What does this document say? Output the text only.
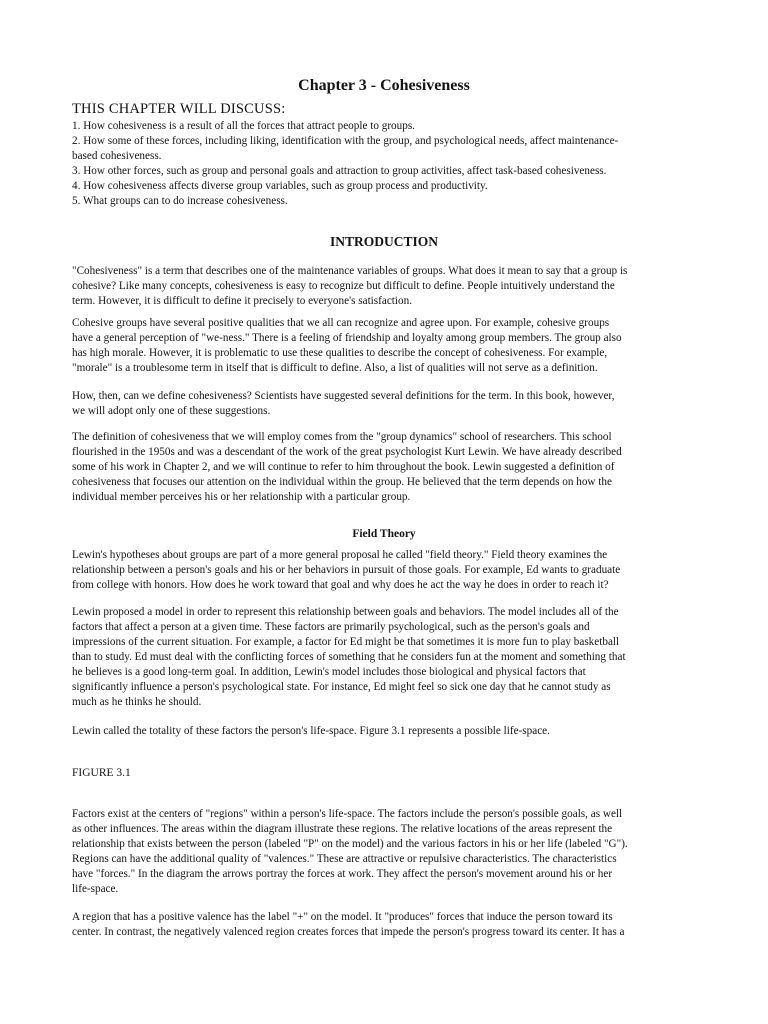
Chapter 3 - Cohesiveness
THIS CHAPTER WILL DISCUSS:
1. How cohesiveness is a result of all the forces that attract people to groups.
2. How some of these forces, including liking, identification with the group, and psychological needs, affect maintenance-
based cohesiveness.
3. How other forces, such as group and personal goals and attraction to group activities, affect task-based cohesiveness.
4. How cohesiveness affects diverse group variables, such as group process and productivity.
5. What groups can to do increase cohesiveness.
INTRODUCTION
"Cohesiveness" is a term that describes one of the maintenance variables of groups. What does it mean to say that a group is
cohesive? Like many concepts, cohesiveness is easy to recognize but difficult to define. People intuitively understand the
term. However, it is difficult to define it precisely to everyone's satisfaction.
Cohesive groups have several positive qualities that we all can recognize and agree upon. For example, cohesive groups
have a general perception of "we-ness." There is a feeling of friendship and loyalty among group members. The group also
has high morale. However, it is problematic to use these qualities to describe the concept of cohesiveness. For example,
"morale" is a troublesome term in itself that is difficult to define. Also, a list of qualities will not serve as a definition.
How, then, can we define cohesiveness? Scientists have suggested several definitions for the term. In this book, however,
we will adopt only one of these suggestions.
The definition of cohesiveness that we will employ comes from the "group dynamics" school of researchers. This school
flourished in the 1950s and was a descendant of the work of the great psychologist Kurt Lewin. We have already described
some of his work in Chapter 2, and we will continue to refer to him throughout the book. Lewin suggested a definition of
cohesiveness that focuses our attention on the individual within the group. He believed that the term depends on how the
individual member perceives his or her relationship with a particular group.
Field Theory
Lewin's hypotheses about groups are part of a more general proposal he called "field theory." Field theory examines the
relationship between a person's goals and his or her behaviors in pursuit of those goals. For example, Ed wants to graduate
from college with honors. How does he work toward that goal and why does he act the way he does in order to reach it?
Lewin proposed a model in order to represent this relationship between goals and behaviors. The model includes all of the
factors that affect a person at a given time. These factors are primarily psychological, such as the person's goals and
impressions of the current situation. For example, a factor for Ed might be that sometimes it is more fun to play basketball
than to study. Ed must deal with the conflicting forces of something that he considers fun at the moment and something that
he believes is a good long-term goal. In addition, Lewin's model includes those biological and physical factors that
significantly influence a person's psychological state. For instance, Ed might feel so sick one day that he cannot study as
much as he thinks he should.
Lewin called the totality of these factors the person's life-space. Figure 3.1 represents a possible life-space.
FIGURE 3.1
Factors exist at the centers of "regions" within a person's life-space. The factors include the person's possible goals, as well
as other influences. The areas within the diagram illustrate these regions. The relative locations of the areas represent the
relationship that exists between the person (labeled "P" on the model) and the various factors in his or her life (labeled "G").
Regions can have the additional quality of "valences." These are attractive or repulsive characteristics. The characteristics
have "forces." In the diagram the arrows portray the forces at work. They affect the person's movement around his or her
life-space.
A region that has a positive valence has the label "+" on the model. It "produces" forces that induce the person toward its
center. In contrast, the negatively valenced region creates forces that impede the person's progress toward its center. It has a
